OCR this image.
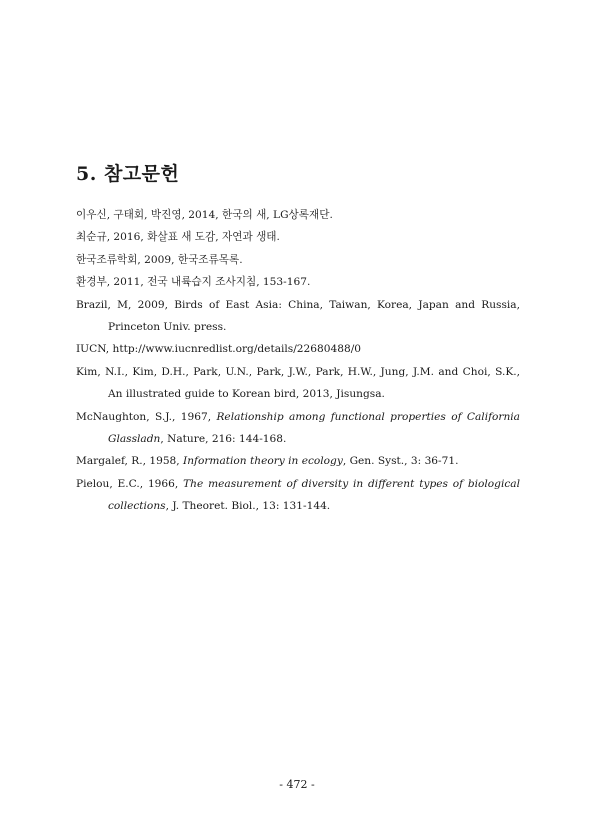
5. 참고문헌
이우신, 구태회, 박진영, 2014, 한국의 새, LG상록재단.
최순규, 2016, 화살표 새 도감, 자연과 생태.
한국조류학회, 2009, 한국조류목록.
환경부, 2011, 전국 내륙습지 조사지침, 153-167.
Brazil, M, 2009, Birds of East Asia: China, Taiwan, Korea, Japan and Russia, Princeton Univ. press.
IUCN, http://www.iucnredlist.org/details/22680488/0
Kim, N.I., Kim, D.H., Park, U.N., Park, J.W., Park, H.W., Jung, J.M. and Choi, S.K., An illustrated guide to Korean bird, 2013, Jisungsa.
McNaughton, S.J., 1967, Relationship among functional properties of California Glassladn, Nature, 216: 144-168.
Margalef, R., 1958, Information theory in ecology, Gen. Syst., 3: 36-71.
Pielou, E.C., 1966, The measurement of diversity in different types of biological collections, J. Theoret. Biol., 13: 131-144.
- 472 -
